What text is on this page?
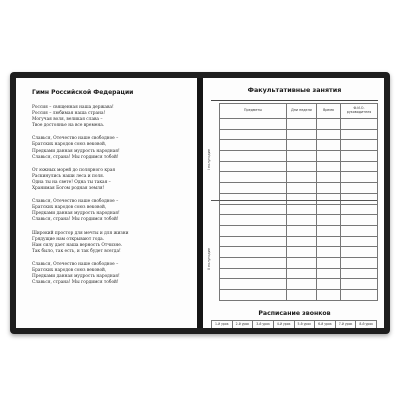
Гимн Российской Федерации
Россия – священная наша держава!
Россия – любимая наша страна!
Могучая воля, великая слава –
Твое достоянье на все времена.
Славься, Отечество наше свободное –
Братских народов союз вековой,
Предками данная мудрость народная!
Славься, страна! Мы гордимся тобой!
От южных морей до полярного края
Раскинулись наши леса и поля.
Одна ты на свете! Одна ты такая –
Хранимая Богом родная земля!
Славься, Отечество наше свободное –
Братских народов союз вековой,
Предками данная мудрость народная!
Славься, страна! Мы гордимся тобой!
Широкий простор для мечты и для жизни
Грядущие нам открывают года.
Нам силу дает наша верность Отчизне.
Так было, так есть, и так будет всегда!
Славься, Отечество наше свободное –
Братских народов союз вековой,
Предками данная мудрость народная!
Славься, страна! Мы гордимся тобой!
Факультативные занятия
Предметы	Дни недели	Время	Ф.И.О. руководителя

Расписание звонков
1-й урок	2-й урок	3-й урок	4-й урок	5-й урок	6-й урок	7-й урок	8-й урок

I полугодие
II полугодие
